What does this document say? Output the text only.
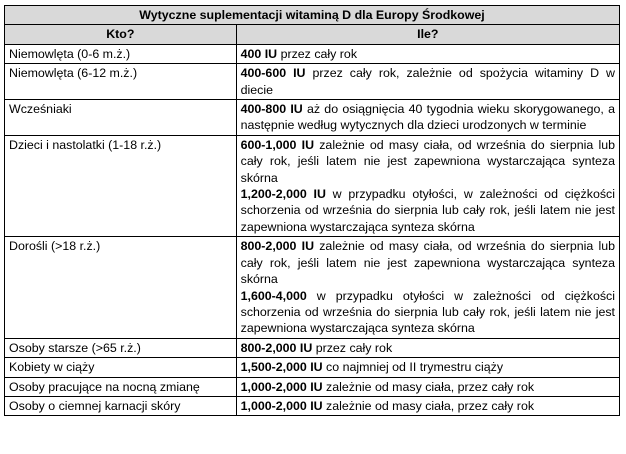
Wytyczne suplementacji witaminą D dla Europy Środkowej	
Kto?	Ile?
Niemowlęta (0-6 m.ż.)	400 IU przez cały rok

Niemowlęta (6-12 m.ż.)	400-600 IU przez cały rok, zależnie od spożycia witaminy D w diecie

Wcześniaki	400-800 IU aż do osiągnięcia 40 tygodnia wieku skorygowanego, a następnie według wytycznych dla dzieci urodzonych w terminie

Dzieci i nastolatki (1-18 r.ż.)	600-1,000 IU zależnie od masy ciała, od września do sierpnia lub cały rok, jeśli latem nie jest zapewniona wystarczająca synteza skórna
1,200-2,000 IU w przypadku otyłości, w zależności od ciężkości schorzenia od września do sierpnia lub cały rok, jeśli latem nie jest zapewniona wystarczająca synteza skórna

Dorośli (>18 r.ż.)	800-2,000 IU zależnie od masy ciała, od września do sierpnia lub cały rok, jeśli latem nie jest zapewniona wystarczająca synteza skórna
1,600-4,000 w przypadku otyłości w zależności od ciężkości schorzenia od września do sierpnia lub cały rok, jeśli latem nie jest zapewniona wystarczająca synteza skórna

Osoby starsze (>65 r.ż.)	800-2,000 IU przez cały rok

Kobiety w ciąży	1,500-2,000 IU co najmniej od II trymestru ciąży

Osoby pracujące na nocną zmianę	1,000-2,000 IU zależnie od masy ciała, przez cały rok

Osoby o ciemnej karnacji skóry	1,000-2,000 IU zależnie od masy ciała, przez cały rok
